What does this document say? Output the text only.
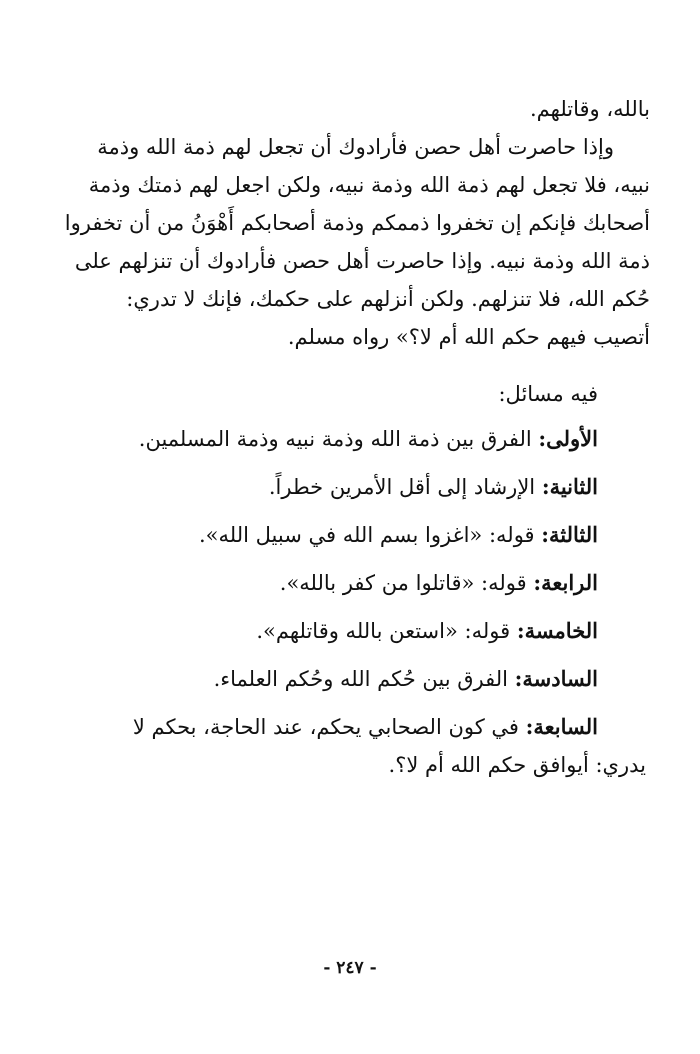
بالله، وقاتلهم.
وإذا حاصرت أهل حصن فأرادوك أن تجعل لهم ذمة الله وذمة
نبيه، فلا تجعل لهم ذمة الله وذمة نبيه، ولكن اجعل لهم ذمتك وذمة
أصحابك فإنكم إن تخفروا ذممكم وذمة أصحابكم أَهْوَنُ من أن تخفروا
ذمة الله وذمة نبيه. وإذا حاصرت أهل حصن فأرادوك أن تنزلهم على
حُكم الله، فلا تنزلهم. ولكن أنزلهم على حكمك، فإنك لا تدري:
أتصيب فيهم حكم الله أم لا؟» رواه مسلم.
فيه مسائل:
الأولى: الفرق بين ذمة الله وذمة نبيه وذمة المسلمين.
الثانية: الإرشاد إلى أقل الأمرين خطراً.
الثالثة: قوله: «اغزوا بسم الله في سبيل الله».
الرابعة: قوله: «قاتلوا من كفر بالله».
الخامسة: قوله: «استعن بالله وقاتلهم».
السادسة: الفرق بين حُكم الله وحُكم العلماء.
السابعة: في كون الصحابي يحكم، عند الحاجة، بحكم لا
يدري: أيوافق حكم الله أم لا؟.
- ٢٤٧ -
